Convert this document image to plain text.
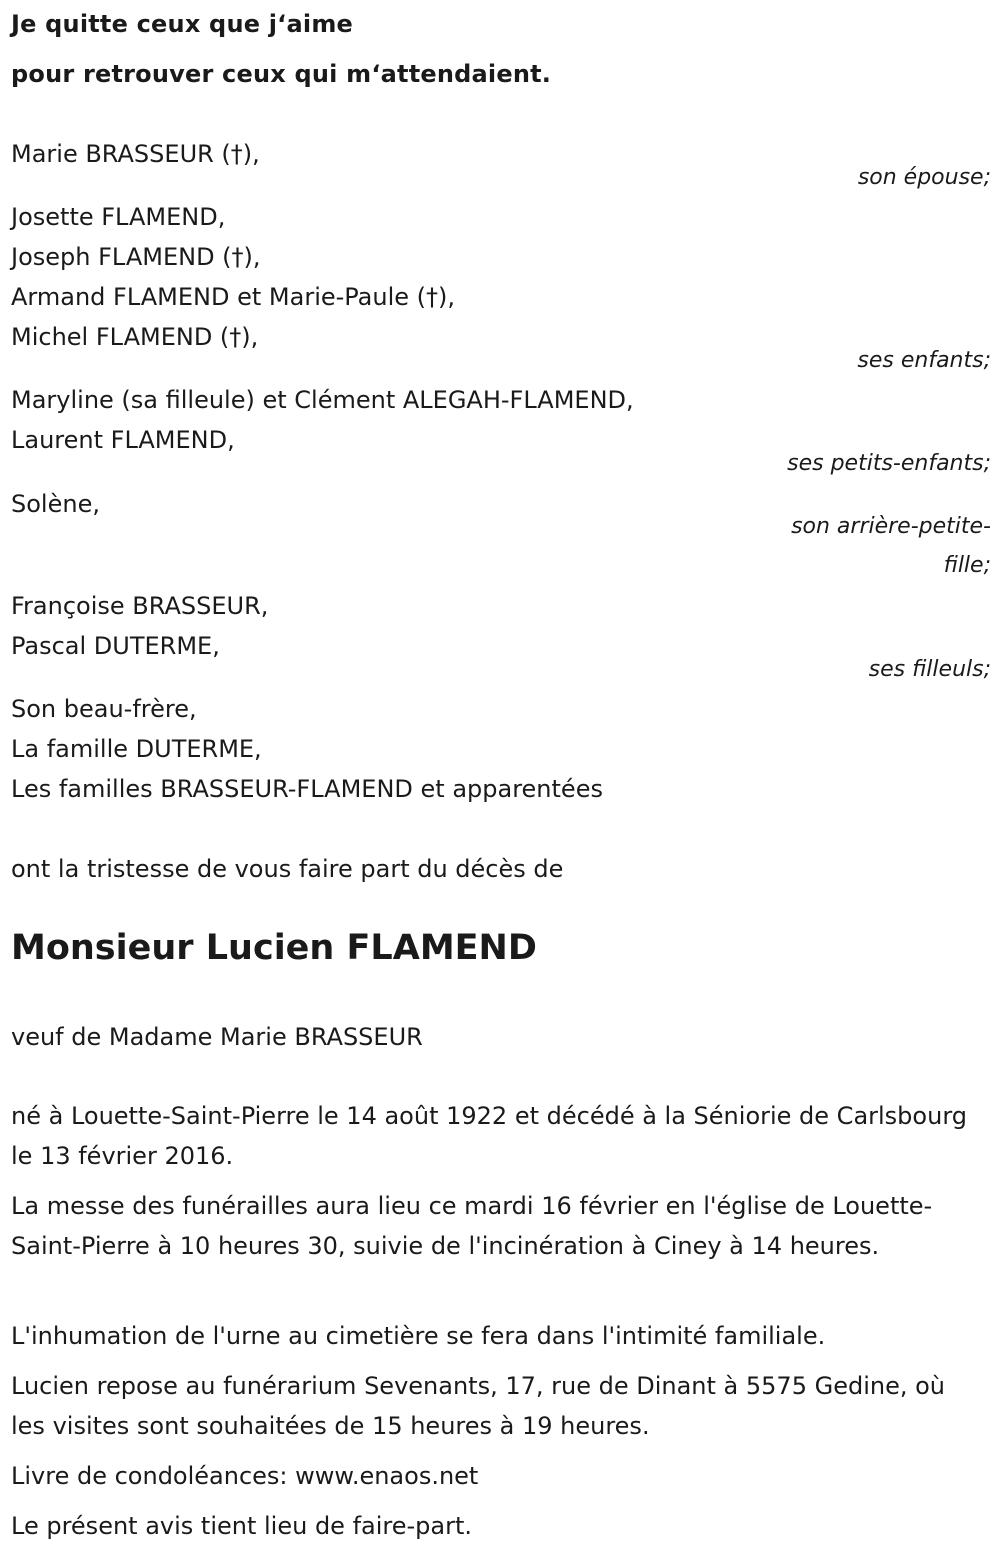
Je quitte ceux que j‘aime
pour retrouver ceux qui m‘attendaient.
Marie BRASSEUR (†),
son épouse;
Josette FLAMEND,
Joseph FLAMEND (†),
Armand FLAMEND et Marie-Paule (†),
Michel FLAMEND (†),
ses enfants;
Maryline (sa filleule) et Clément ALEGAH-FLAMEND,
Laurent FLAMEND,
ses petits-enfants;
Solène,
son arrière-petite-
fille;
Françoise BRASSEUR,
Pascal DUTERME,
ses filleuls;
Son beau-frère,
La famille DUTERME,
Les familles BRASSEUR-FLAMEND et apparentées
ont la tristesse de vous faire part du décès de
Monsieur Lucien FLAMEND
veuf de Madame Marie BRASSEUR
né à Louette-Saint-Pierre le 14 août 1922 et décédé à la Séniorie de Carlsbourg le 13 février 2016.
La messe des funérailles aura lieu ce mardi 16 février en l'église de Louette-Saint-Pierre à 10 heures 30, suivie de l'incinération à Ciney à 14 heures.
L'inhumation de l'urne au cimetière se fera dans l'intimité familiale.
Lucien repose au funérarium Sevenants, 17, rue de Dinant à 5575 Gedine, où les visites sont souhaitées de 15 heures à 19 heures.
Livre de condoléances: www.enaos.net
Le présent avis tient lieu de faire-part.
